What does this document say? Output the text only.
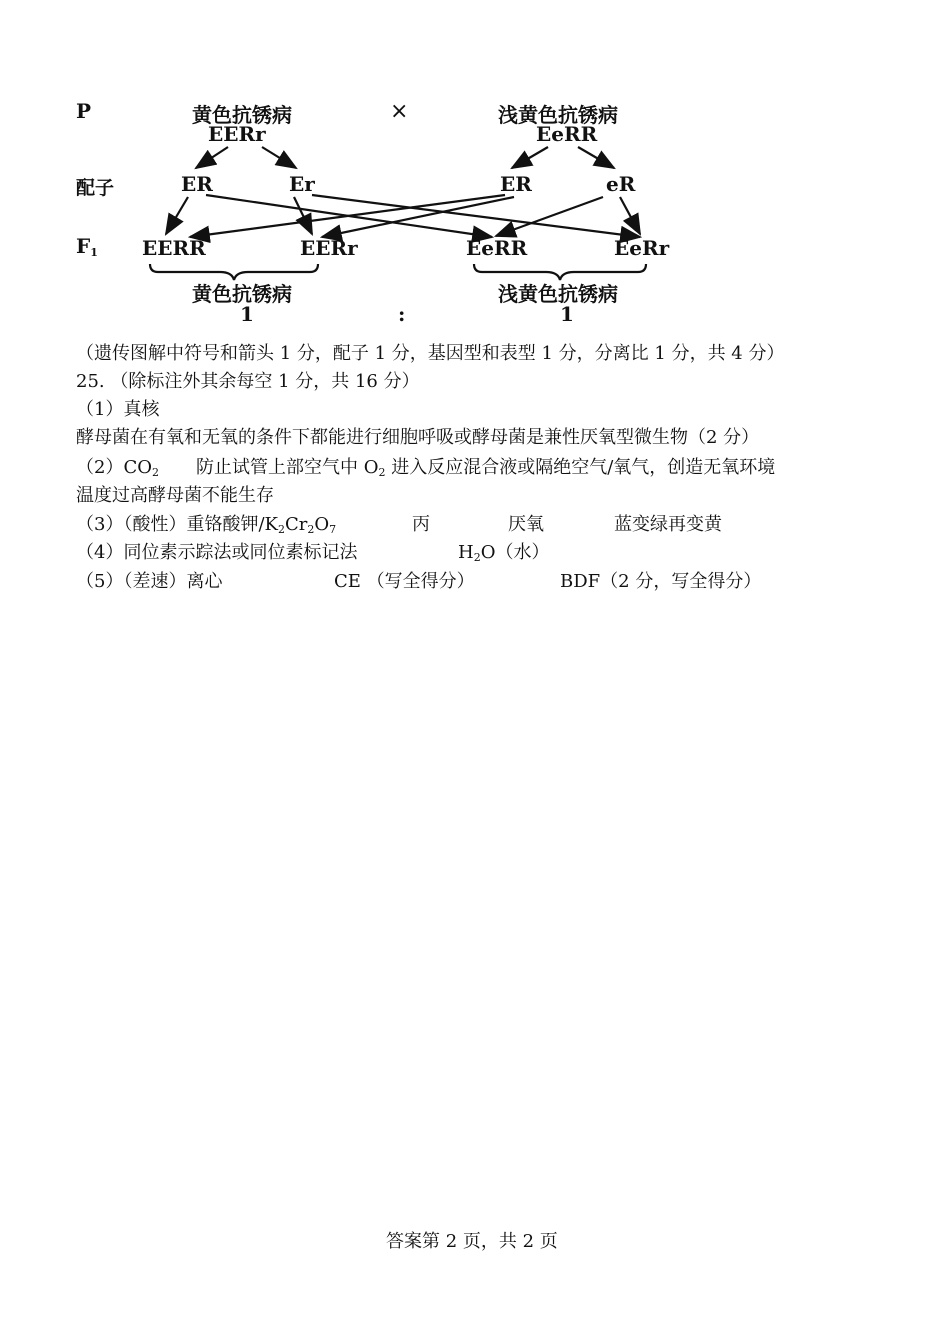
P	黄色抗锈病
EERr
×	浅黄色抗锈病
EeRR
配子	ER	Er	ER	eR
$F_1$ EERR	EERr	EeRR	EeRr
黄色抗锈病	浅黄色抗锈病
1	:	1
（遗传图解中符号和箭头 1 分，配子 1 分，基因型和表型 1 分，分离比 1 分，共 4 分）
25. （除标注外其余每空 1 分，共 16 分）
（1）真核
酵母菌在有氧和无氧的条件下都能进行细胞呼吸或酵母菌是兼性厌氧型微生物（2 分）
$(2)CO_2$ 防止试管上部空气中 $O_2$ 进入反应混合液或隔绝空气/氧气，创造无氧环境
温度过高酵母菌不能生存
（3）（酸性）重铬酸钾$/K_2Cr_2O_7$	丙	厌氧	蓝变绿再变黄
（4）同位素示踪法或同位素标记法	$H_2O$（水）
（5）（差速）离心	CE （写全得分）	BDF（2 分，写全得分）
答案第 2 页，共 2 页
